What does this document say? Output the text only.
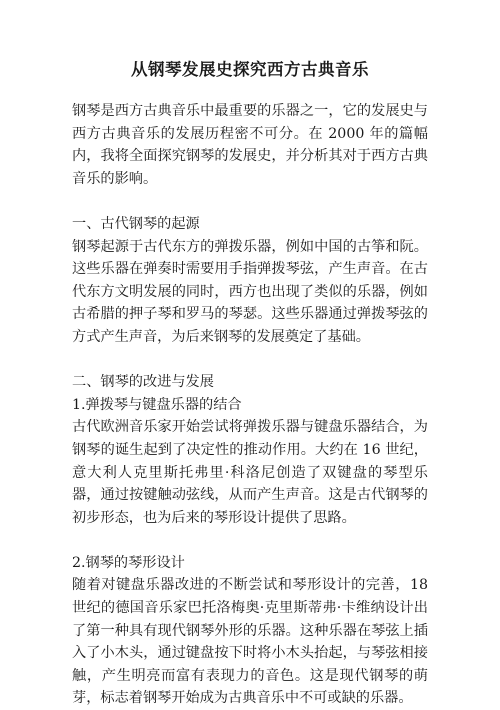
从钢琴发展史探究西方古典音乐

钢琴是西方古典音乐中最重要的乐器之一，它的发展史与西方古典音乐的发展历程密不可分。在 2000 年的篇幅内，我将全面探究钢琴的发展史，并分析其对于西方古典音乐的影响。

一、古代钢琴的起源

钢琴起源于古代东方的弹拨乐器，例如中国的古筝和阮。这些乐器在弹奏时需要用手指弹拨琴弦，产生声音。在古代东方文明发展的同时，西方也出现了类似的乐器，例如古希腊的押子琴和罗马的琴瑟。这些乐器通过弹拨琴弦的方式产生声音，为后来钢琴的发展奠定了基础。

二、钢琴的改进与发展

1.弹拨琴与键盘乐器的结合

古代欧洲音乐家开始尝试将弹拨乐器与键盘乐器结合，为钢琴的诞生起到了决定性的推动作用。大约在 16 世纪，意大利人克里斯托弗里·科洛尼创造了双键盘的琴型乐器，通过按键触动弦线，从而产生声音。这是古代钢琴的初步形态，也为后来的琴形设计提供了思路。

2.钢琴的琴形设计

随着对键盘乐器改进的不断尝试和琴形设计的完善，18 世纪的德国音乐家巴托洛梅奥·克里斯蒂弗·卡维纳设计出了第一种具有现代钢琴外形的乐器。这种乐器在琴弦上插入了小木头，通过键盘按下时将小木头抬起，与琴弦相接触，产生明亮而富有表现力的音色。这是现代钢琴的萌芽，标志着钢琴开始成为古典音乐中不可或缺的乐器。
